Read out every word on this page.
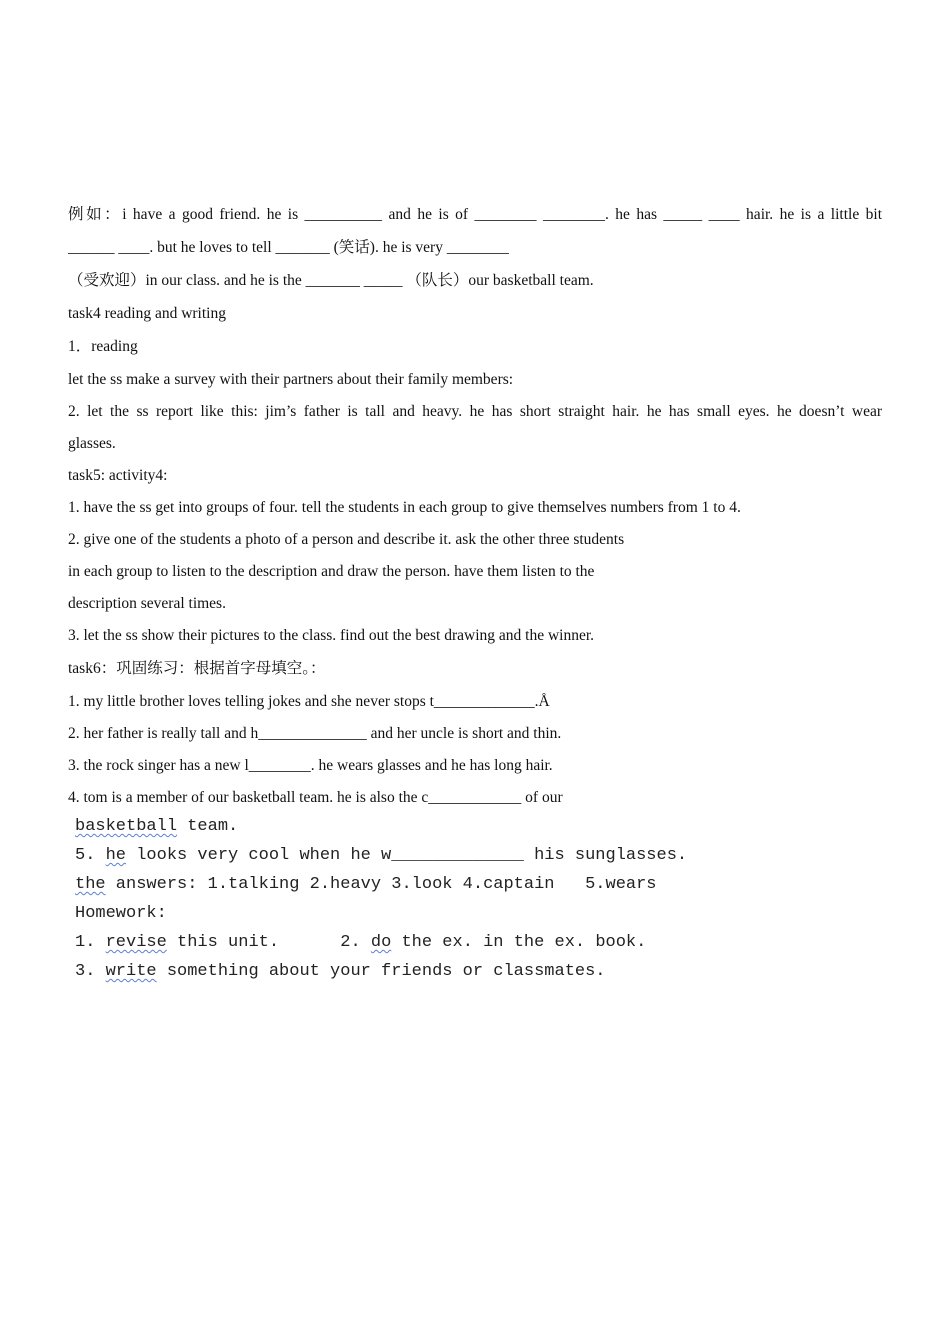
例如：i have a good friend. he is __________ and he is of ________ ________. he has _____ ____ hair. he is a little bit
______ ____. but he loves to tell _______ (笑话). he is very ________
（受欢迎）in our class. and he is the _______ _____ （队长）our basketball team.
task4 reading and writing
1．reading
let the ss make a survey with their partners about their family members:
2. let the ss report like this: jim’s father is tall and heavy. he has short straight hair. he has small eyes. he doesn’t wear
glasses.
task5: activity4:
1. have the ss get into groups of four. tell the students in each group to give themselves numbers from 1 to 4.
2. give one of the students a photo of a person and describe it. ask the other three students
in each group to listen to the description and draw the person. have them listen to the
description several times.
3. let the ss show their pictures to the class. find out the best drawing and the winner.
task6：巩固练习：根据首字母填空。：
1. my little brother loves telling jokes and she never stops t_____________.Å
2. her father is really tall and h______________ and her uncle is short and thin.
3. the rock singer has a new l________. he wears glasses and he has long hair.
4. tom is a member of our basketball team. he is also the c____________ of our
basketball team.
5. he looks very cool when he w_____________ his sunglasses.
the answers: 1.talking 2.heavy 3.look 4.captain   5.wears
Homework:
1. revise this unit.      2. do the ex. in the ex. book.
3. write something about your friends or classmates.
